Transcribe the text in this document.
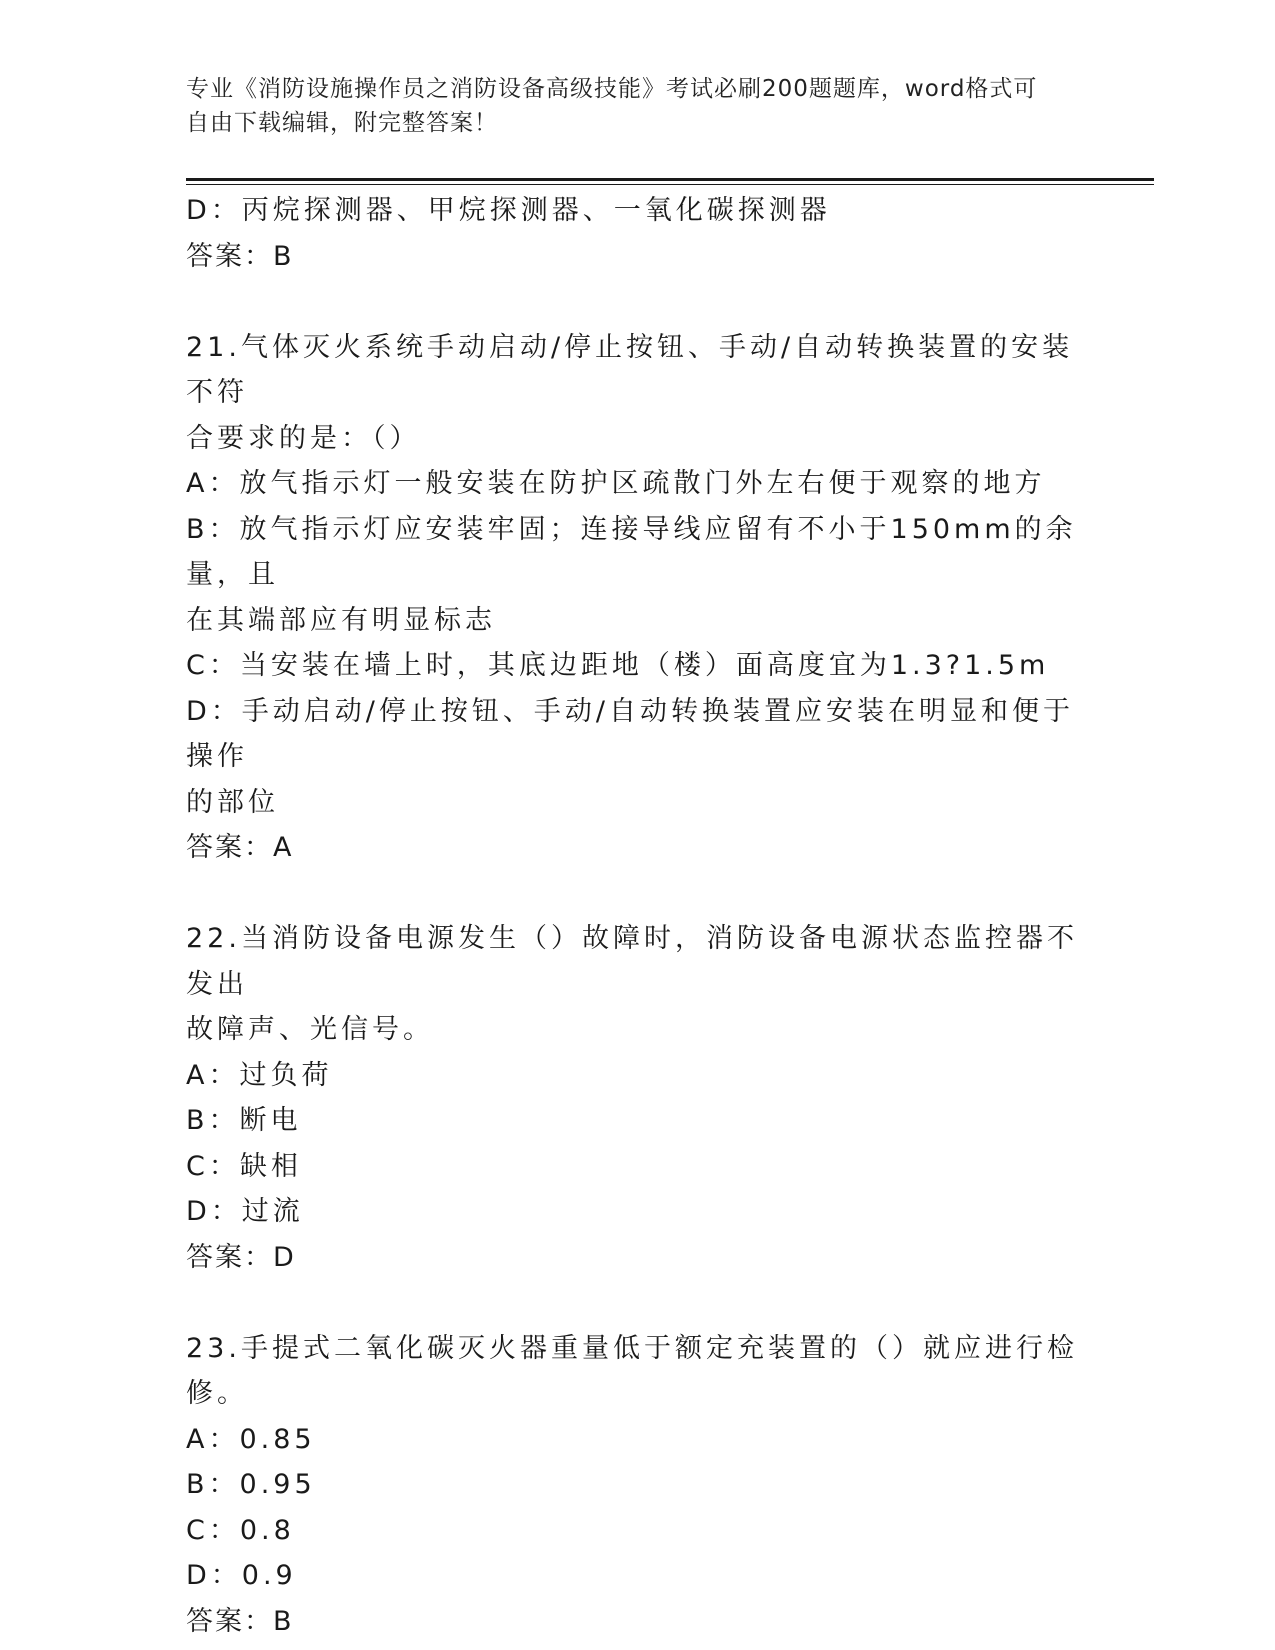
专业《消防设施操作员之消防设备高级技能》考试必刷200题题库，word格式可
自由下载编辑，附完整答案！
D：丙烷探测器、甲烷探测器、一氧化碳探测器
答案：B
21.气体灭火系统手动启动/停止按钮、手动/自动转换装置的安装不符
合要求的是：（）
A：放气指示灯一般安装在防护区疏散门外左右便于观察的地方
B：放气指示灯应安装牢固；连接导线应留有不小于150mm的余量，且
在其端部应有明显标志
C：当安装在墙上时，其底边距地（楼）面高度宜为1.3?1.5m
D：手动启动/停止按钮、手动/自动转换装置应安装在明显和便于操作
的部位
答案：A
22.当消防设备电源发生（）故障时，消防设备电源状态监控器不发出
故障声、光信号。
A：过负荷
B：断电
C：缺相
D：过流
答案：D
23.手提式二氧化碳灭火器重量低于额定充装置的（）就应进行检修。
A：0.85
B：0.95
C：0.8
D：0.9
答案：B
